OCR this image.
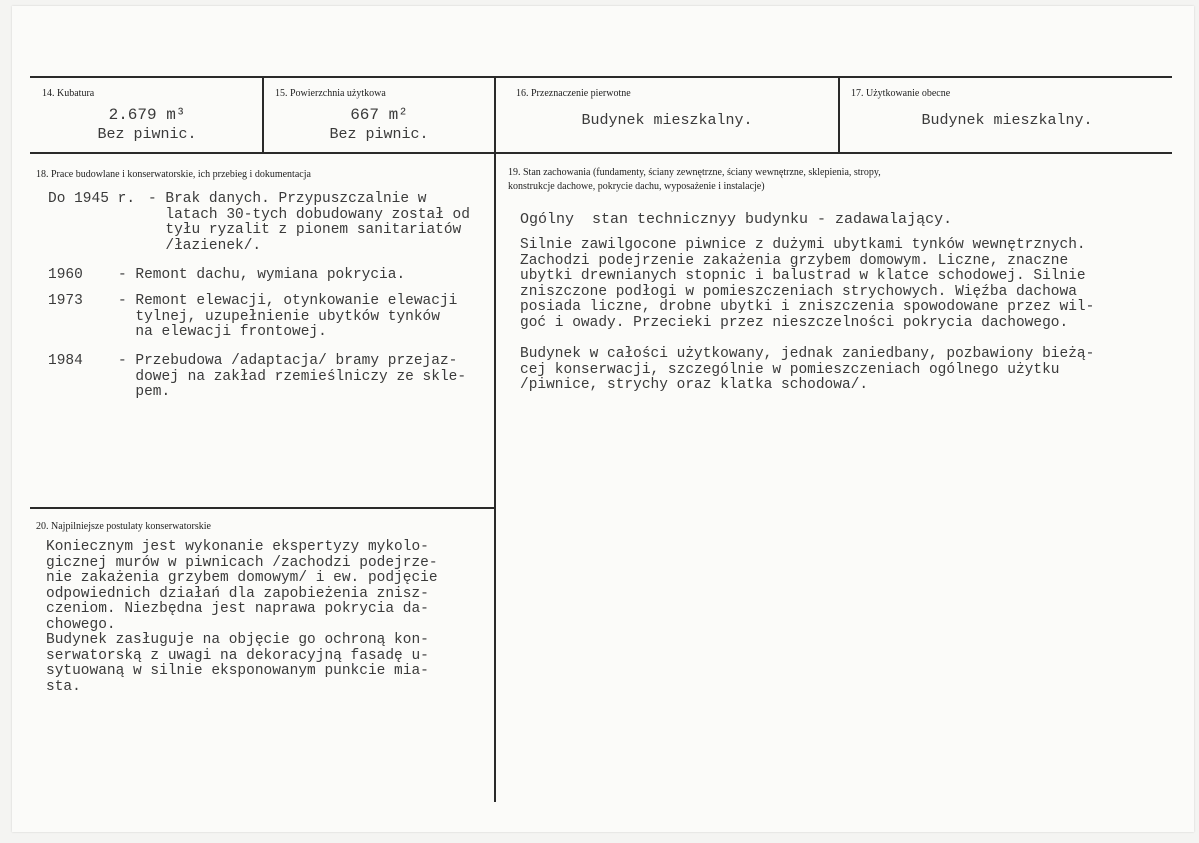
14. Kubatura
2.679 m³
Bez piwnic.
15. Powierzchnia użytkowa
667 m²
Bez piwnic.
16. Przeznaczenie pierwotne
Budynek mieszkalny.
17. Użytkowanie obecne
Budynek mieszkalny.
18. Prace budowlane i konserwatorskie, ich przebieg i dokumentacja
Do 1945 r. - Brak danych. Przypuszczalnie w
latach 30-tych dobudowany został od
tyłu ryzalit z pionem sanitariatów
/łazienek/.
1960 - Remont dachu, wymiana pokrycia.
1973 - Remont elewacji, otynkowanie elewacji
tylnej, uzupełnienie ubytków tynków
na elewacji frontowej.
1984 - Przebudowa /adaptacja/ bramy przejaz-
dowej na zakład rzemieślniczy ze skle-
pem.
19. Stan zachowania (fundamenty, ściany zewnętrzne, ściany wewnętrzne, sklepienia, stropy,
konstrukcje dachowe, pokrycie dachu, wyposażenie i instalacje)
Ogólny  stan technicznyy budynku - zadawalający.
Silnie zawilgocone piwnice z dużymi ubytkami tynków wewnętrznych.
Zachodzi podejrzenie zakażenia grzybem domowym. Liczne, znaczne
ubytki drewnianych stopnic i balustrad w klatce schodowej. Silnie
zniszczone podłogi w pomieszczeniach strychowych. Więźba dachowa
posiada liczne, drobne ubytki i zniszczenia spowodowane przez wil-
goć i owady. Przecieki przez nieszczelności pokrycia dachowego.
Budynek w całości użytkowany, jednak zaniedbany, pozbawiony bieżą-
cej konserwacji, szczególnie w pomieszczeniach ogólnego użytku
/piwnice, strychy oraz klatka schodowa/.
20. Najpilniejsze postulaty konserwatorskie
Koniecznym jest wykonanie ekspertyzy mykolo-
gicznej murów w piwnicach /zachodzi podejrze-
nie zakażenia grzybem domowym/ i ew. podjęcie
odpowiednich działań dla zapobieżenia znisz-
czeniom. Niezbędna jest naprawa pokrycia da-
chowego.
Budynek zasługuje na objęcie go ochroną kon-
serwatorską z uwagi na dekoracyjną fasadę u-
sytuowaną w silnie eksponowanym punkcie mia-
sta.
